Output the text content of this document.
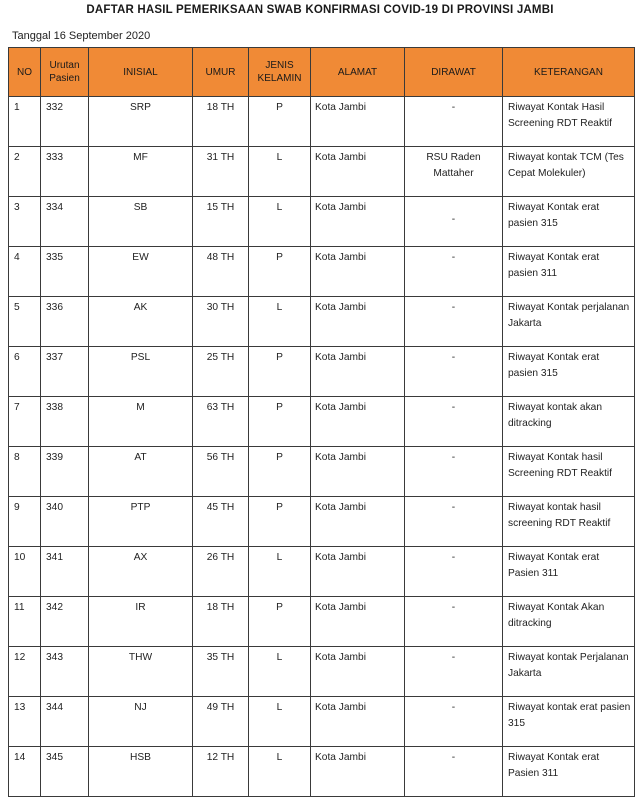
DAFTAR HASIL PEMERIKSAAN SWAB KONFIRMASI COVID-19 DI PROVINSI JAMBI
Tanggal 16 September 2020
NO	Urutan Pasien	INISIAL	UMUR	JENIS KELAMIN	ALAMAT	DIRAWAT	KETERANGAN
1	332	SRP	18 TH	P	Kota Jambi	-	Riwayat Kontak Hasil Screening RDT Reaktif
2	333	MF	31 TH	L	Kota Jambi	RSU Raden Mattaher	Riwayat kontak TCM (Tes Cepat Molekuler)
3	334	SB	15 TH	L	Kota Jambi	-	Riwayat Kontak erat pasien 315
4	335	EW	48 TH	P	Kota Jambi	-	Riwayat Kontak erat pasien 311
5	336	AK	30 TH	L	Kota Jambi	-	Riwayat Kontak perjalanan Jakarta
6	337	PSL	25 TH	P	Kota Jambi	-	Riwayat Kontak erat pasien 315
7	338	M	63 TH	P	Kota Jambi	-	Riwayat kontak akan ditracking
8	339	AT	56 TH	P	Kota Jambi	-	Riwayat Kontak hasil Screening RDT Reaktif
9	340	PTP	45 TH	P	Kota Jambi	-	Riwayat kontak hasil screening RDT Reaktif
10	341	AX	26 TH	L	Kota Jambi	-	Riwayat Kontak erat Pasien 311
11	342	IR	18 TH	P	Kota Jambi	-	Riwayat Kontak Akan ditracking
12	343	THW	35 TH	L	Kota Jambi	-	Riwayat kontak Perjalanan Jakarta
13	344	NJ	49 TH	L	Kota Jambi	-	Riwayat kontak erat pasien 315
14	345	HSB	12 TH	L	Kota Jambi	-	Riwayat Kontak erat Pasien 311
